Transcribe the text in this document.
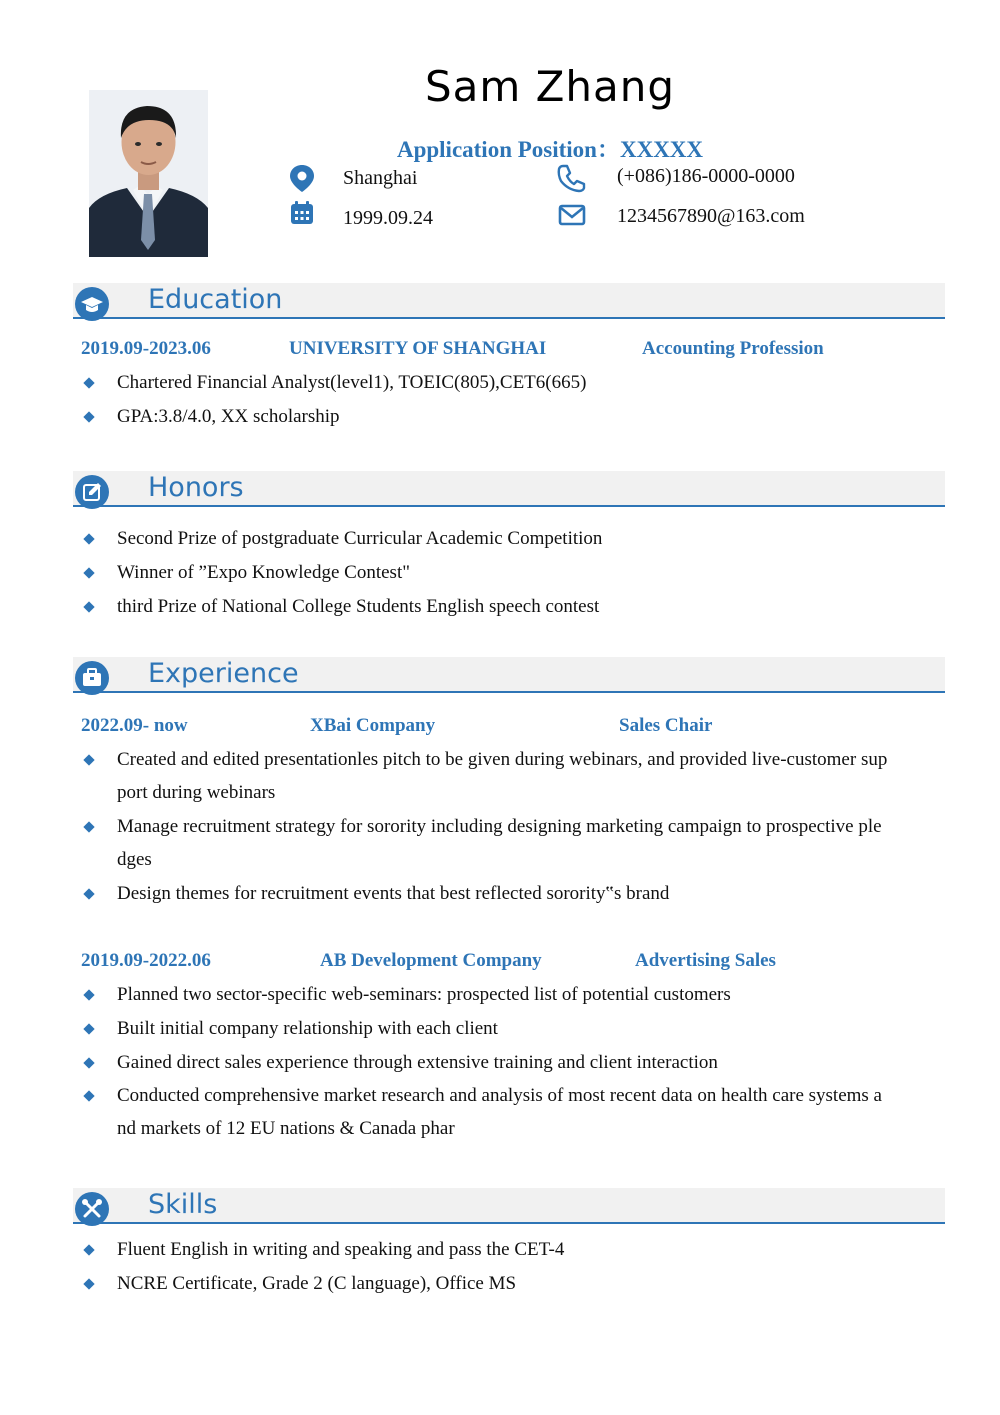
Sam Zhang
Application Position：XXXXX
Shanghai
1999.09.24
(+086)186-0000-0000
1234567890@163.com
Education
2019.09-2023.06	UNIVERSITY OF SHANGHAI	Accounting Profession
Chartered Financial Analyst(level1), TOEIC(805),CET6(665)
GPA:3.8/4.0, XX scholarship
Honors
Second Prize of postgraduate Curricular Academic Competition
Winner of ”Expo Knowledge Contest"
third Prize of National College Students English speech contest
Experience
2022.09- now	XBai Company	Sales Chair
Created and edited presentationles pitch to be given during webinars, and provided live-customer sup
port during webinars
Manage recruitment strategy for sorority including designing marketing campaign to prospective ple
dges
Design themes for recruitment events that best reflected sorority‟s brand
2019.09-2022.06	AB Development Company	Advertising Sales
Planned two sector-specific web-seminars: prospected list of potential customers
Built initial company relationship with each client
Gained direct sales experience through extensive training and client interaction
Conducted comprehensive market research and analysis of most recent data on health care systems a
nd markets of 12 EU nations & Canada phar
Skills
Fluent English in writing and speaking and pass the CET-4
NCRE Certificate, Grade 2 (C language), Office MS
